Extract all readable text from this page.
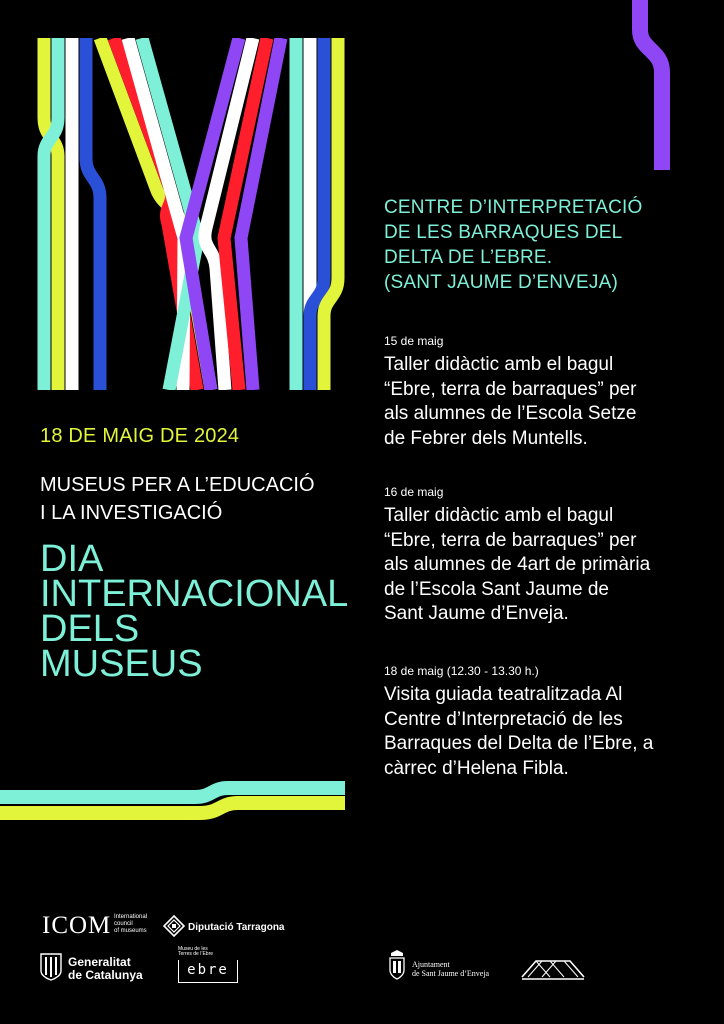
18 DE MAIG DE 2024
MUSEUS PER A L’EDUCACIÓ
I LA INVESTIGACIÓ
DIA
INTERNACIONAL
DELS
MUSEUS
CENTRE D’INTERPRETACIÓ
DE LES BARRAQUES DEL
DELTA DE L’EBRE.
(SANT JAUME D’ENVEJA)
15 de maig
Taller didàctic amb el bagul
“Ebre, terra de barraques” per
als alumnes de l’Escola Setze
de Febrer dels Muntells.
16 de maig
Taller didàctic amb el bagul
“Ebre, terra de barraques” per
als alumnes de 4art de primària
de l’Escola Sant Jaume de
Sant Jaume d’Enveja.
18 de maig (12.30 - 13.30 h.)
Visita guiada teatralitzada Al
Centre d’Interpretació de les
Barraques del Delta de l’Ebre, a
càrrec d’Helena Fibla.
ICOM International
council
of museums	Diputació Tarragona
Generalitat
de Catalunya
Museu de les
Terres de l’Ebre
ebre	Ajuntament
de Sant Jaume d’Enveja
